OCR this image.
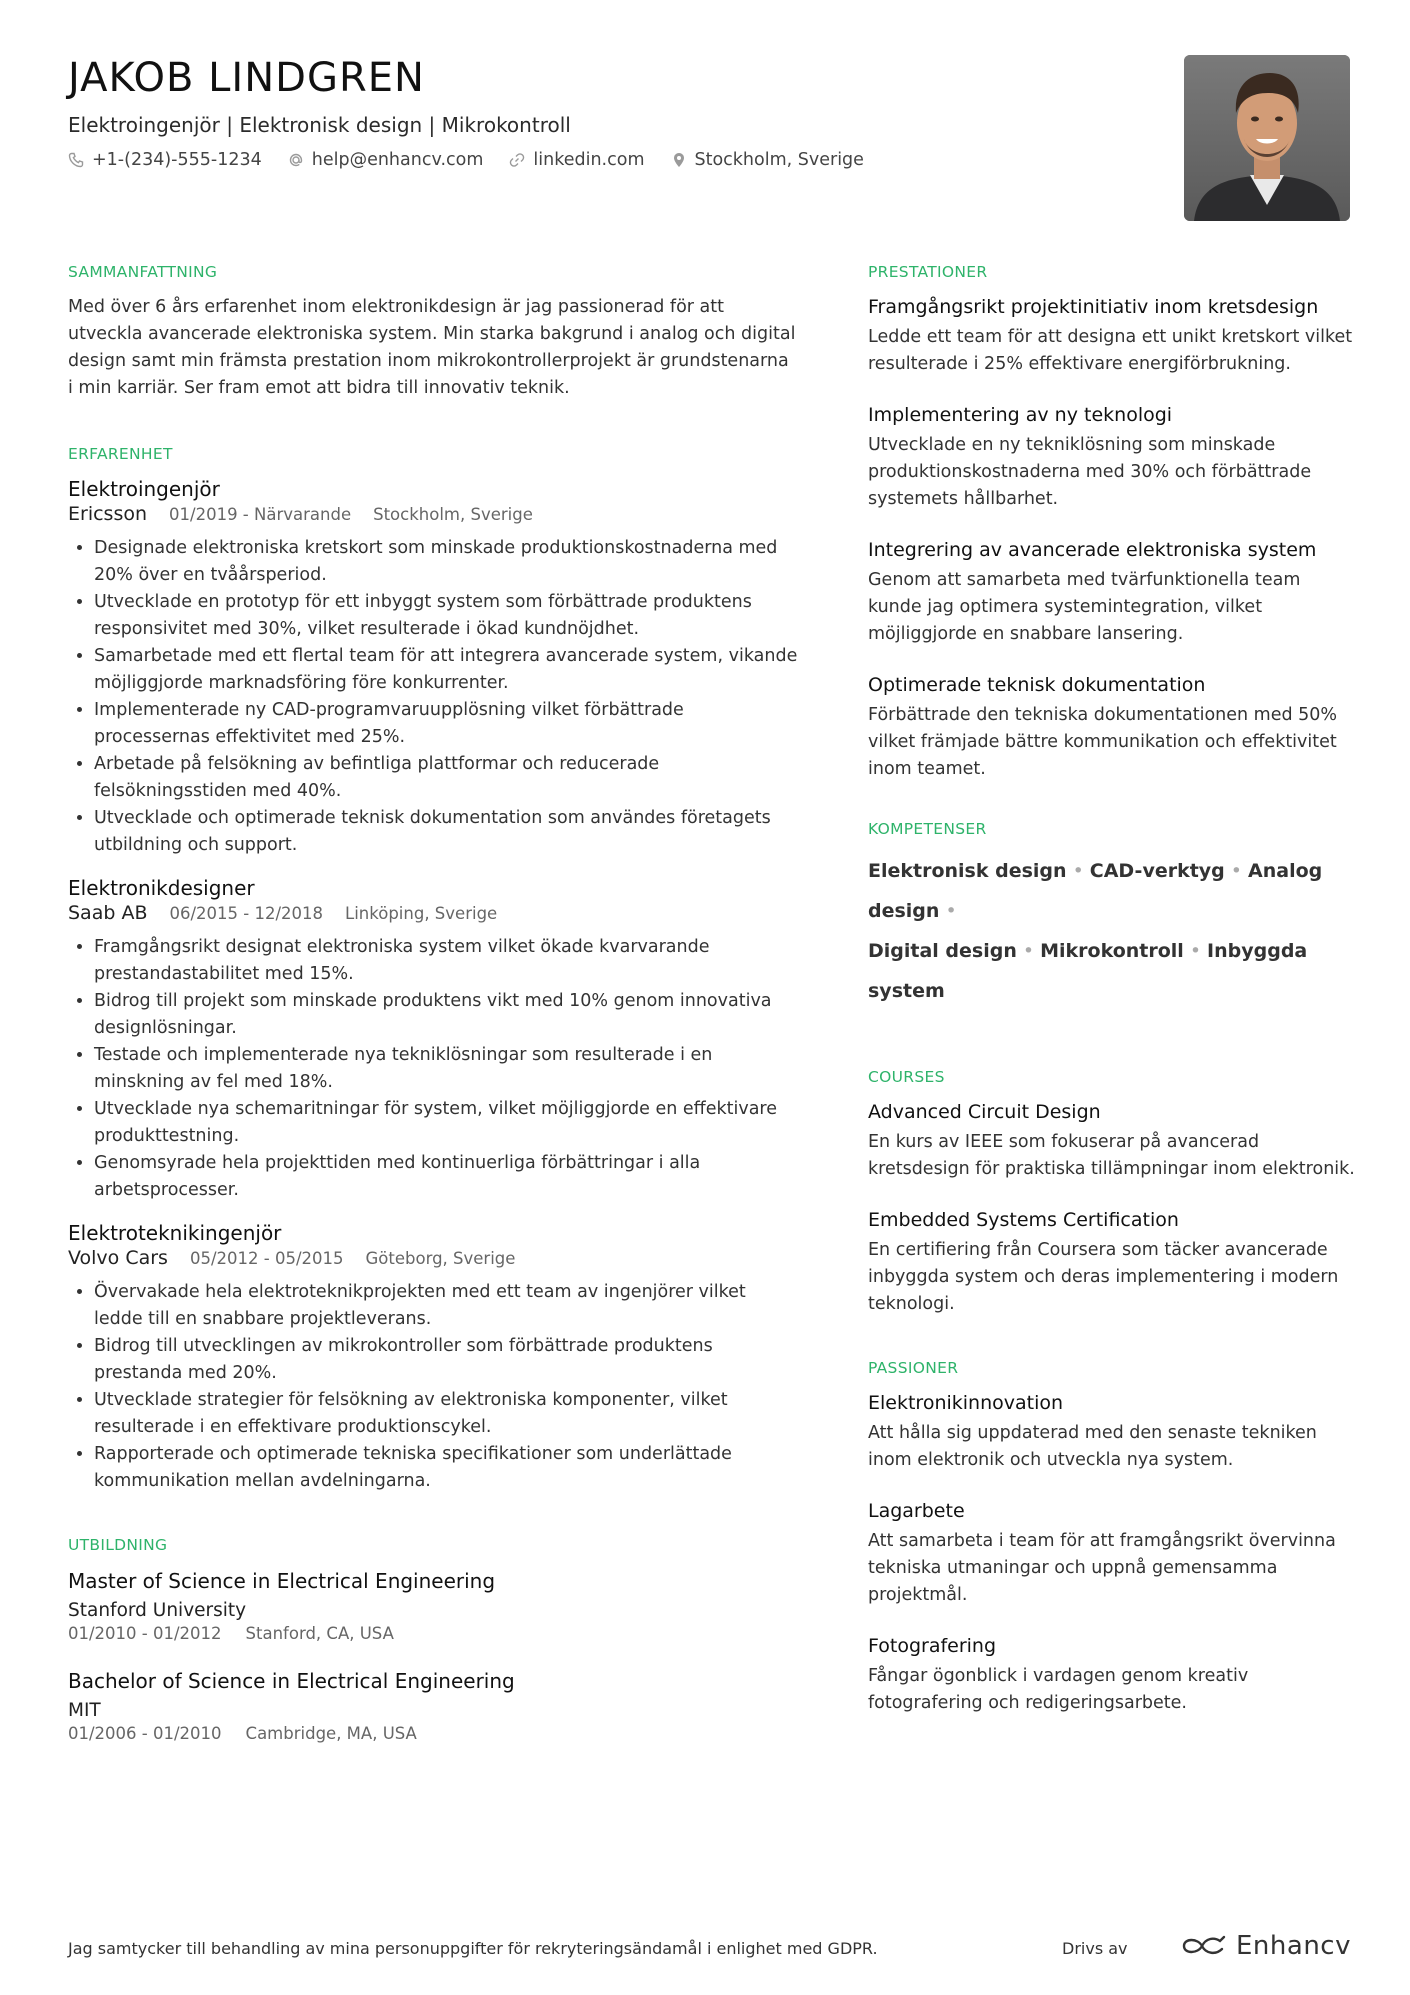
JAKOB LINDGREN
Elektroingenjör | Elektronisk design | Mikrokontroll
+1-(234)-555-1234	help@enhancv.com	linkedin.com	Stockholm, Sverige
SAMMANFATTNING
Med över 6 års erfarenhet inom elektronikdesign är jag passionerad för att utveckla avancerade elektroniska system. Min starka bakgrund i analog och digital design samt min främsta prestation inom mikrokontrollerprojekt är grundstenarna i min karriär. Ser fram emot att bidra till innovativ teknik.
ERFARENHET
Elektroingenjör
Ericsson 01/2019 - Närvarande Stockholm, Sverige
• Designade elektroniska kretskort som minskade produktionskostnaderna med 20% över en tvåårsperiod.
• Utvecklade en prototyp för ett inbyggt system som förbättrade produktens responsivitet med 30%, vilket resulterade i ökad kundnöjdhet.
• Samarbetade med ett flertal team för att integrera avancerade system, vikande möjliggjorde marknadsföring före konkurrenter.
• Implementerade ny CAD-programvaruupplösning vilket förbättrade processernas effektivitet med 25%.
• Arbetade på felsökning av befintliga plattformar och reducerade felsökningsstiden med 40%.
• Utvecklade och optimerade teknisk dokumentation som användes företagets utbildning och support.
Elektronikdesigner
Saab AB 06/2015 - 12/2018 Linköping, Sverige
• Framgångsrikt designat elektroniska system vilket ökade kvarvarande prestandastabilitet med 15%.
• Bidrog till projekt som minskade produktens vikt med 10% genom innovativa designlösningar.
• Testade och implementerade nya tekniklösningar som resulterade i en minskning av fel med 18%.
• Utvecklade nya schemaritningar för system, vilket möjliggjorde en effektivare produkttestning.
• Genomsyrade hela projekttiden med kontinuerliga förbättringar i alla arbetsprocesser.
Elektroteknikingenjör
Volvo Cars 05/2012 - 05/2015 Göteborg, Sverige
• Övervakade hela elektroteknikprojekten med ett team av ingenjörer vilket ledde till en snabbare projektleverans.
• Bidrog till utvecklingen av mikrokontroller som förbättrade produktens prestanda med 20%.
• Utvecklade strategier för felsökning av elektroniska komponenter, vilket resulterade i en effektivare produktionscykel.
• Rapporterade och optimerade tekniska specifikationer som underlättade kommunikation mellan avdelningarna.
UTBILDNING
Master of Science in Electrical Engineering
Stanford University
01/2010 - 01/2012 Stanford, CA, USA
Bachelor of Science in Electrical Engineering
MIT
01/2006 - 01/2010 Cambridge, MA, USA
PRESTATIONER
Framgångsrikt projektinitiativ inom kretsdesign
Ledde ett team för att designa ett unikt kretskort vilket resulterade i 25% effektivare energiförbrukning.
Implementering av ny teknologi
Utvecklade en ny tekniklösning som minskade produktionskostnaderna med 30% och förbättrade systemets hållbarhet.
Integrering av avancerade elektroniska system
Genom att samarbeta med tvärfunktionella team kunde jag optimera systemintegration, vilket möjliggjorde en snabbare lansering.
Optimerade teknisk dokumentation
Förbättrade den tekniska dokumentationen med 50% vilket främjade bättre kommunikation och effektivitet inom teamet.
KOMPETENSER
Elektronisk design • CAD-verktyg • Analog design •
Digital design • Mikrokontroll • Inbyggda system
COURSES
Advanced Circuit Design
En kurs av IEEE som fokuserar på avancerad kretsdesign för praktiska tillämpningar inom elektronik.
Embedded Systems Certification
En certifiering från Coursera som täcker avancerade inbyggda system och deras implementering i modern teknologi.
PASSIONER
Elektronikinnovation
Att hålla sig uppdaterad med den senaste tekniken inom elektronik och utveckla nya system.
Lagarbete
Att samarbeta i team för att framgångsrikt övervinna tekniska utmaningar och uppnå gemensamma projektmål.
Fotografering
Fångar ögonblick i vardagen genom kreativ fotografering och redigeringsarbete.
Jag samtycker till behandling av mina personuppgifter för rekryteringsändamål i enlighet med GDPR.	Drivs av	Enhancv
